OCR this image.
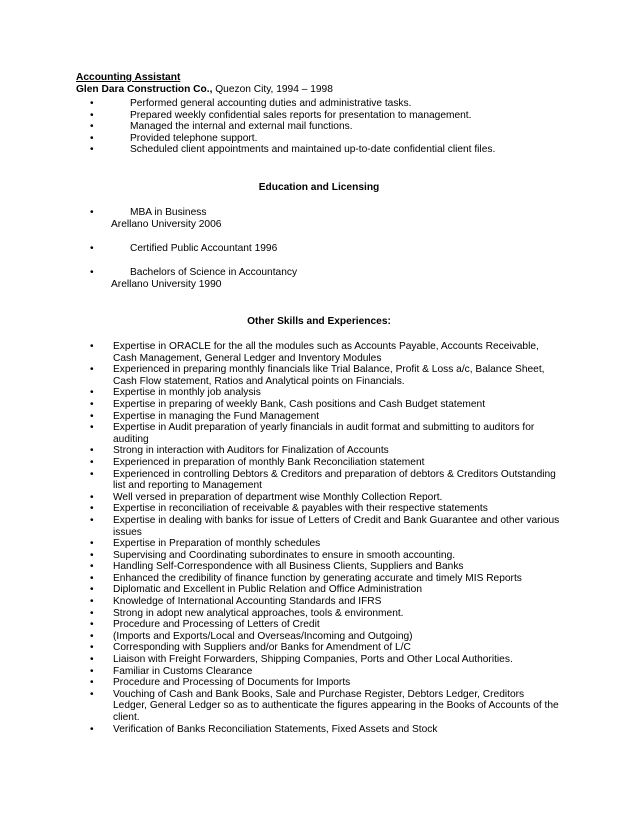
Accounting Assistant
Glen Dara Construction Co., Quezon City, 1994 – 1998
•	Performed general accounting duties and administrative tasks.
•	Prepared weekly confidential sales reports for presentation to management.
•	Managed the internal and external mail functions.
•	Provided telephone support.
•	Scheduled client appointments and maintained up-to-date confidential client files.
Education and Licensing
•	MBA in Business
Arellano University 2006
•	Certified Public Accountant 1996
•	Bachelors of Science in Accountancy
Arellano University 1990
Other Skills and Experiences:
• Expertise in ORACLE for the all the modules such as Accounts Payable, Accounts Receivable, Cash Management, General Ledger and Inventory Modules
• Experienced in preparing monthly financials like Trial Balance, Profit & Loss a/c, Balance Sheet, Cash Flow statement, Ratios and Analytical points on Financials.
• Expertise in monthly job analysis
• Expertise in preparing of weekly Bank, Cash positions and Cash Budget statement
• Expertise in managing the Fund Management
• Expertise in Audit preparation of yearly financials in audit format and submitting to auditors for auditing
• Strong in interaction with Auditors for Finalization of Accounts
• Experienced in preparation of monthly Bank Reconciliation statement
• Experienced in controlling Debtors & Creditors and preparation of debtors & Creditors Outstanding list and reporting to Management
• Well versed in preparation of department wise Monthly Collection Report.
• Expertise in reconciliation of receivable & payables with their respective statements
• Expertise in dealing with banks for issue of Letters of Credit and Bank Guarantee and other various issues
• Expertise in Preparation of monthly schedules
• Supervising and Coordinating subordinates to ensure in smooth accounting.
• Handling Self-Correspondence with all Business Clients, Suppliers and Banks
• Enhanced the credibility of finance function by generating accurate and timely MIS Reports
• Diplomatic and Excellent in Public Relation and Office Administration
• Knowledge of International Accounting Standards and IFRS
• Strong in adopt new analytical approaches, tools & environment.
• Procedure and Processing of Letters of Credit
• (Imports and Exports/Local and Overseas/Incoming and Outgoing)
• Corresponding with Suppliers and/or Banks for Amendment of L/C
• Liaison with Freight Forwarders, Shipping Companies, Ports and Other Local Authorities.
• Familiar in Customs Clearance
• Procedure and Processing of Documents for Imports
• Vouching of Cash and Bank Books, Sale and Purchase Register, Debtors Ledger, Creditors Ledger, General Ledger so as to authenticate the figures appearing in the Books of Accounts of the client.
• Verification of Banks Reconciliation Statements, Fixed Assets and Stock
